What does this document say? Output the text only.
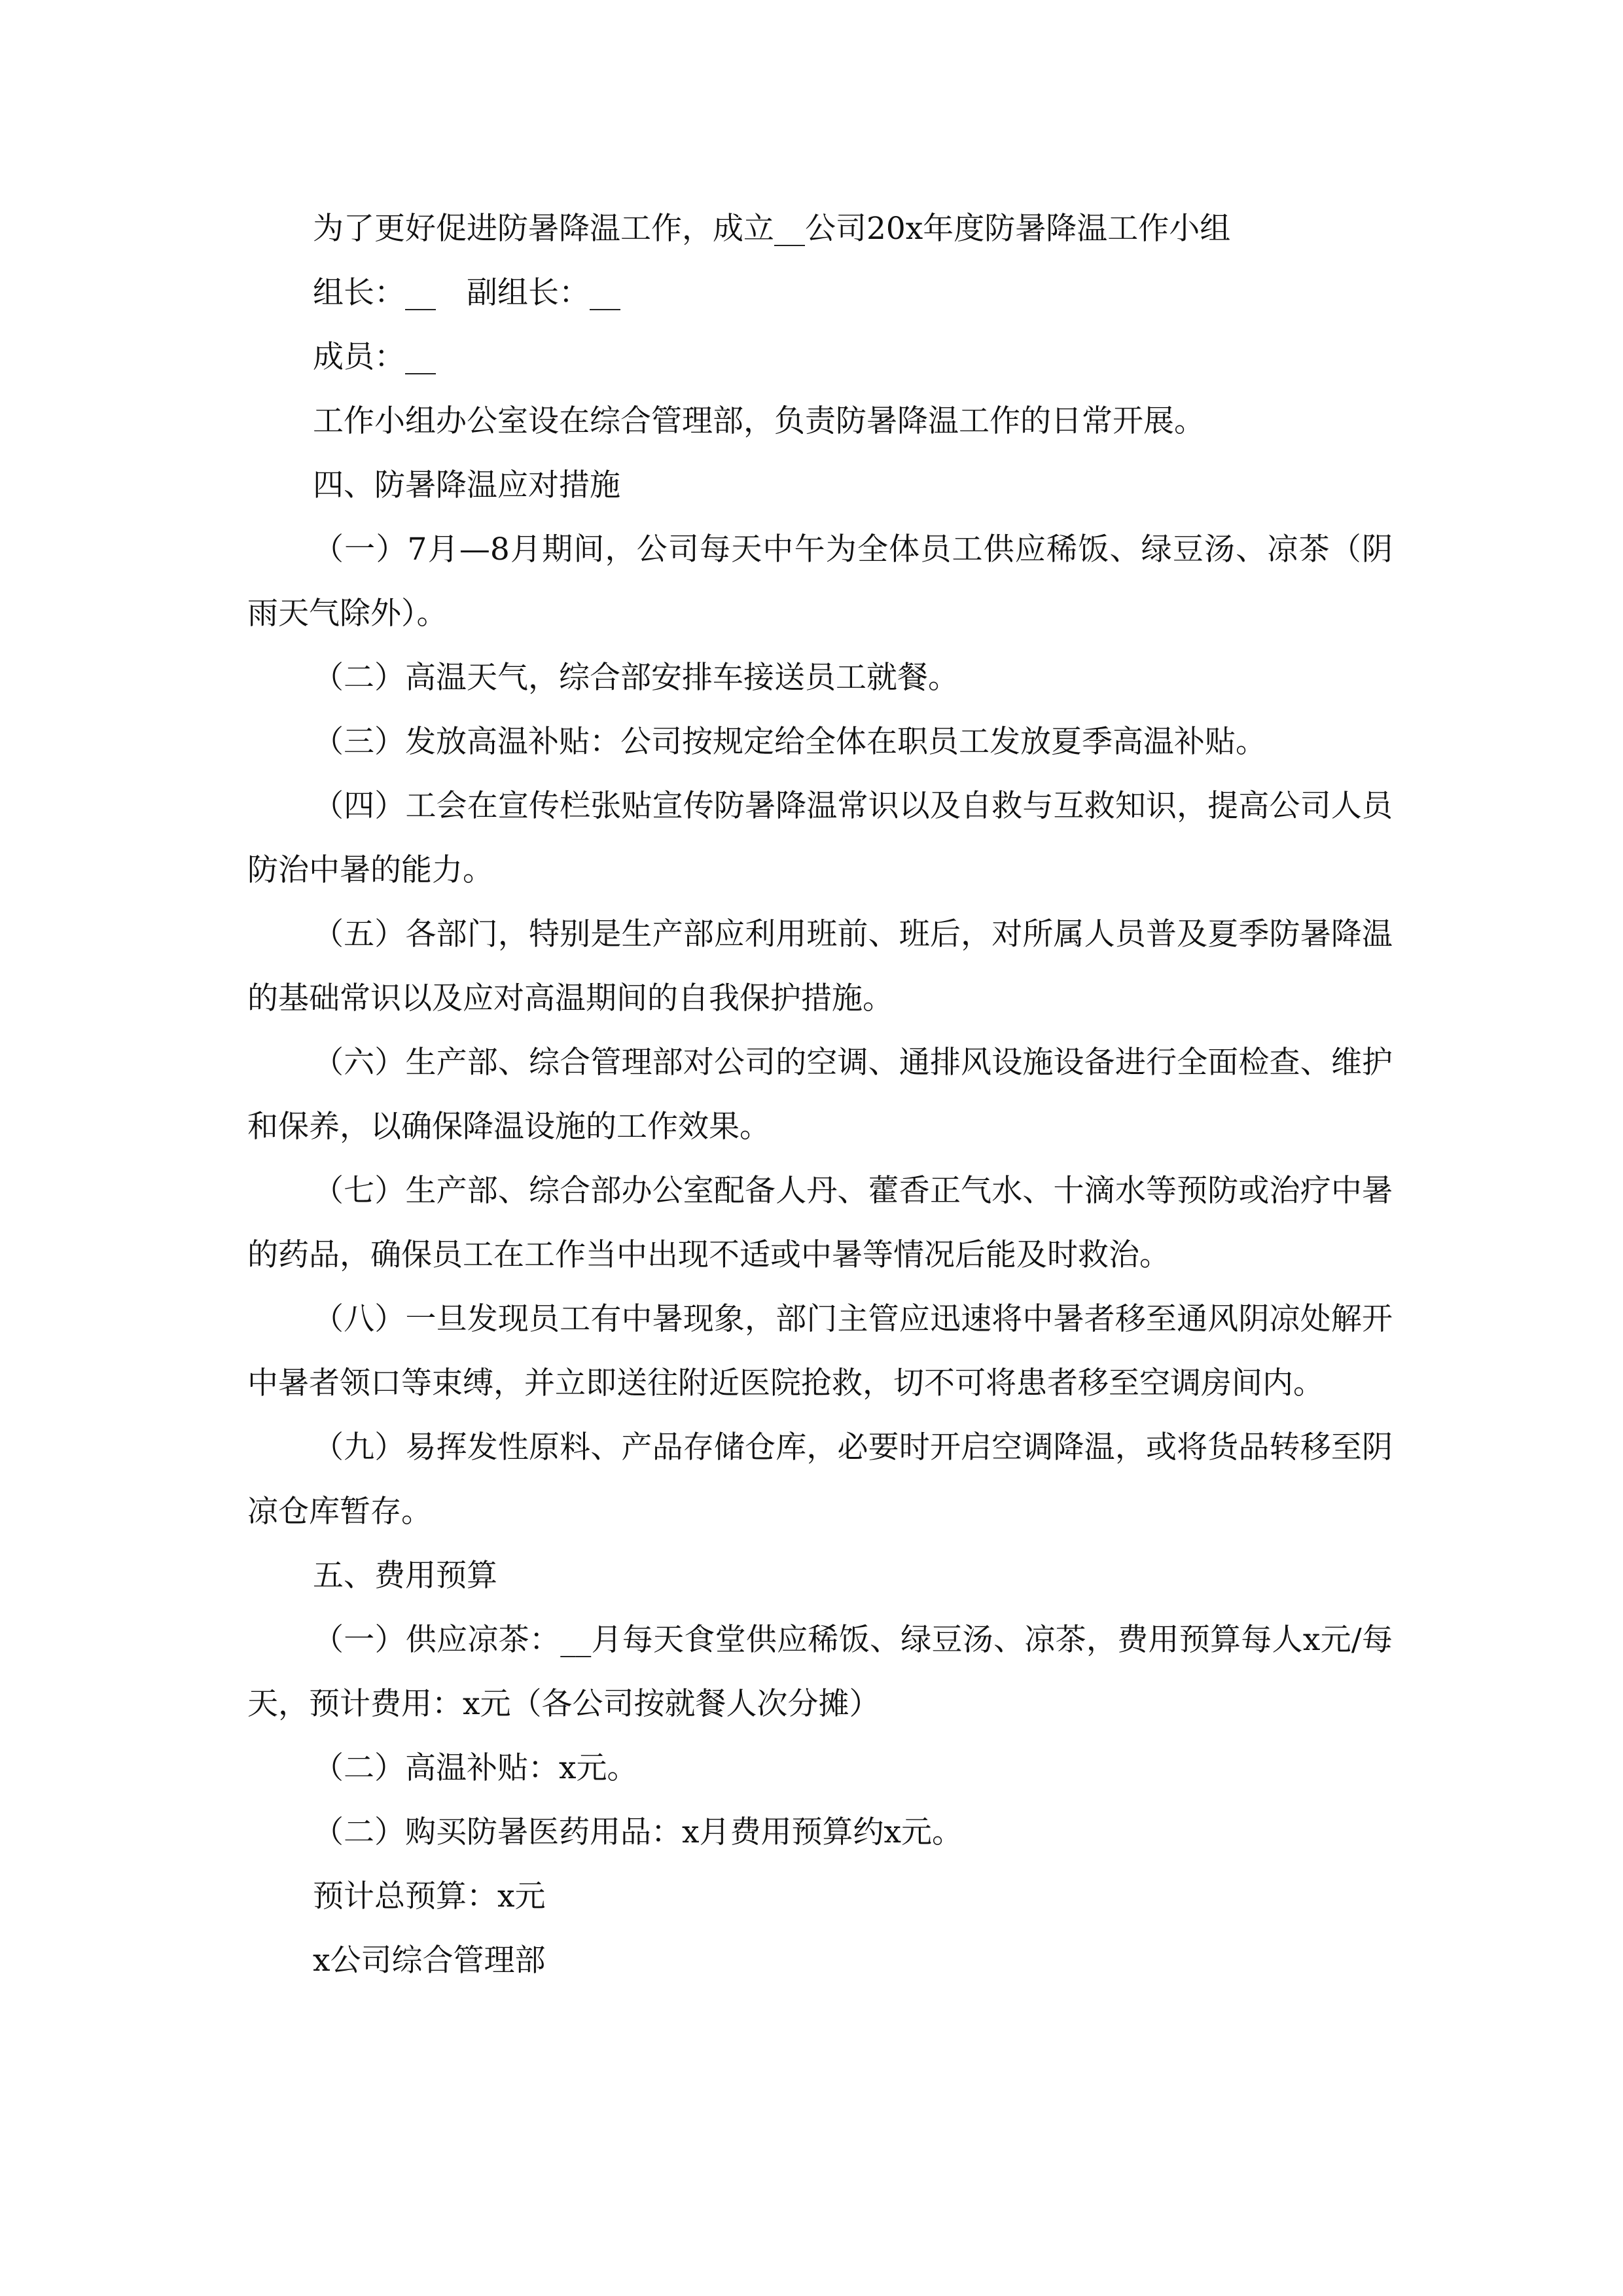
为了更好促进防暑降温工作，成立__公司20x年度防暑降温工作小组

组长：__　副组长：__

成员：__

工作小组办公室设在综合管理部，负责防暑降温工作的日常开展。

四、防暑降温应对措施

（一）7月—8月期间，公司每天中午为全体员工供应稀饭、绿豆汤、凉茶（阴雨天气除外）。

（二）高温天气，综合部安排车接送员工就餐。

（三）发放高温补贴：公司按规定给全体在职员工发放夏季高温补贴。

（四）工会在宣传栏张贴宣传防暑降温常识以及自救与互救知识，提高公司人员防治中暑的能力。

（五）各部门，特别是生产部应利用班前、班后，对所属人员普及夏季防暑降温的基础常识以及应对高温期间的自我保护措施。

（六）生产部、综合管理部对公司的空调、通排风设施设备进行全面检查、维护和保养，以确保降温设施的工作效果。

（七）生产部、综合部办公室配备人丹、藿香正气水、十滴水等预防或治疗中暑的药品，确保员工在工作当中出现不适或中暑等情况后能及时救治。

（八）一旦发现员工有中暑现象，部门主管应迅速将中暑者移至通风阴凉处解开中暑者领口等束缚，并立即送往附近医院抢救，切不可将患者移至空调房间内。

（九）易挥发性原料、产品存储仓库，必要时开启空调降温，或将货品转移至阴凉仓库暂存。

五、费用预算

（一）供应凉茶：__月每天食堂供应稀饭、绿豆汤、凉茶，费用预算每人x元/每天，预计费用：x元（各公司按就餐人次分摊）

（二）高温补贴：x元。

（二）购买防暑医药用品：x月费用预算约x元。

预计总预算：x元

x公司综合管理部
